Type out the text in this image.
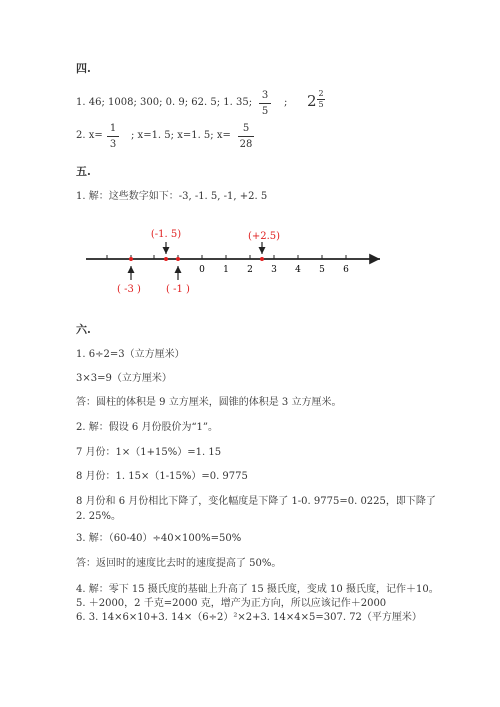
四.
1. 46; 1008; 300; 0. 9; 62. 5; 1. 35;
3
5
; 2 2
5
2. x=
1
3
; x=1. 5; x=1. 5; x=
5
28
五.
1. 解：这些数字如下：-3, -1. 5, -1, +2. 5
0 1 2 3 4 5 6
(-1. 5)	(+2.5)
( -3 )	( -1 )
六.
1. 6÷2=3（立方厘米）
3×3=9（立方厘米）
答：圆柱的体积是 9 立方厘米，圆锥的体积是 3 立方厘米。
2. 解：假设 6 月份股价为“1”。
7 月份：1×（1+15%）=1. 15
8 月份：1. 15×（1-15%）=0. 9775
8 月份和 6 月份相比下降了，变化幅度是下降了 1-0. 9775=0. 0225，即下降了 2. 25%。
3. 解：（60-40）÷40×100%=50%
答：返回时的速度比去时的速度提高了 50%。
4. 解：零下 15 摄氏度的基础上升高了 15 摄氏度，变成 10 摄氏度，记作＋10。
5. ＋2000，2 千克=2000 克，增产为正方向，所以应该记作＋2000
6. 3. 14×6×10+3. 14×（6÷2）²×2+3. 14×4×5=307. 72（平方厘米）
